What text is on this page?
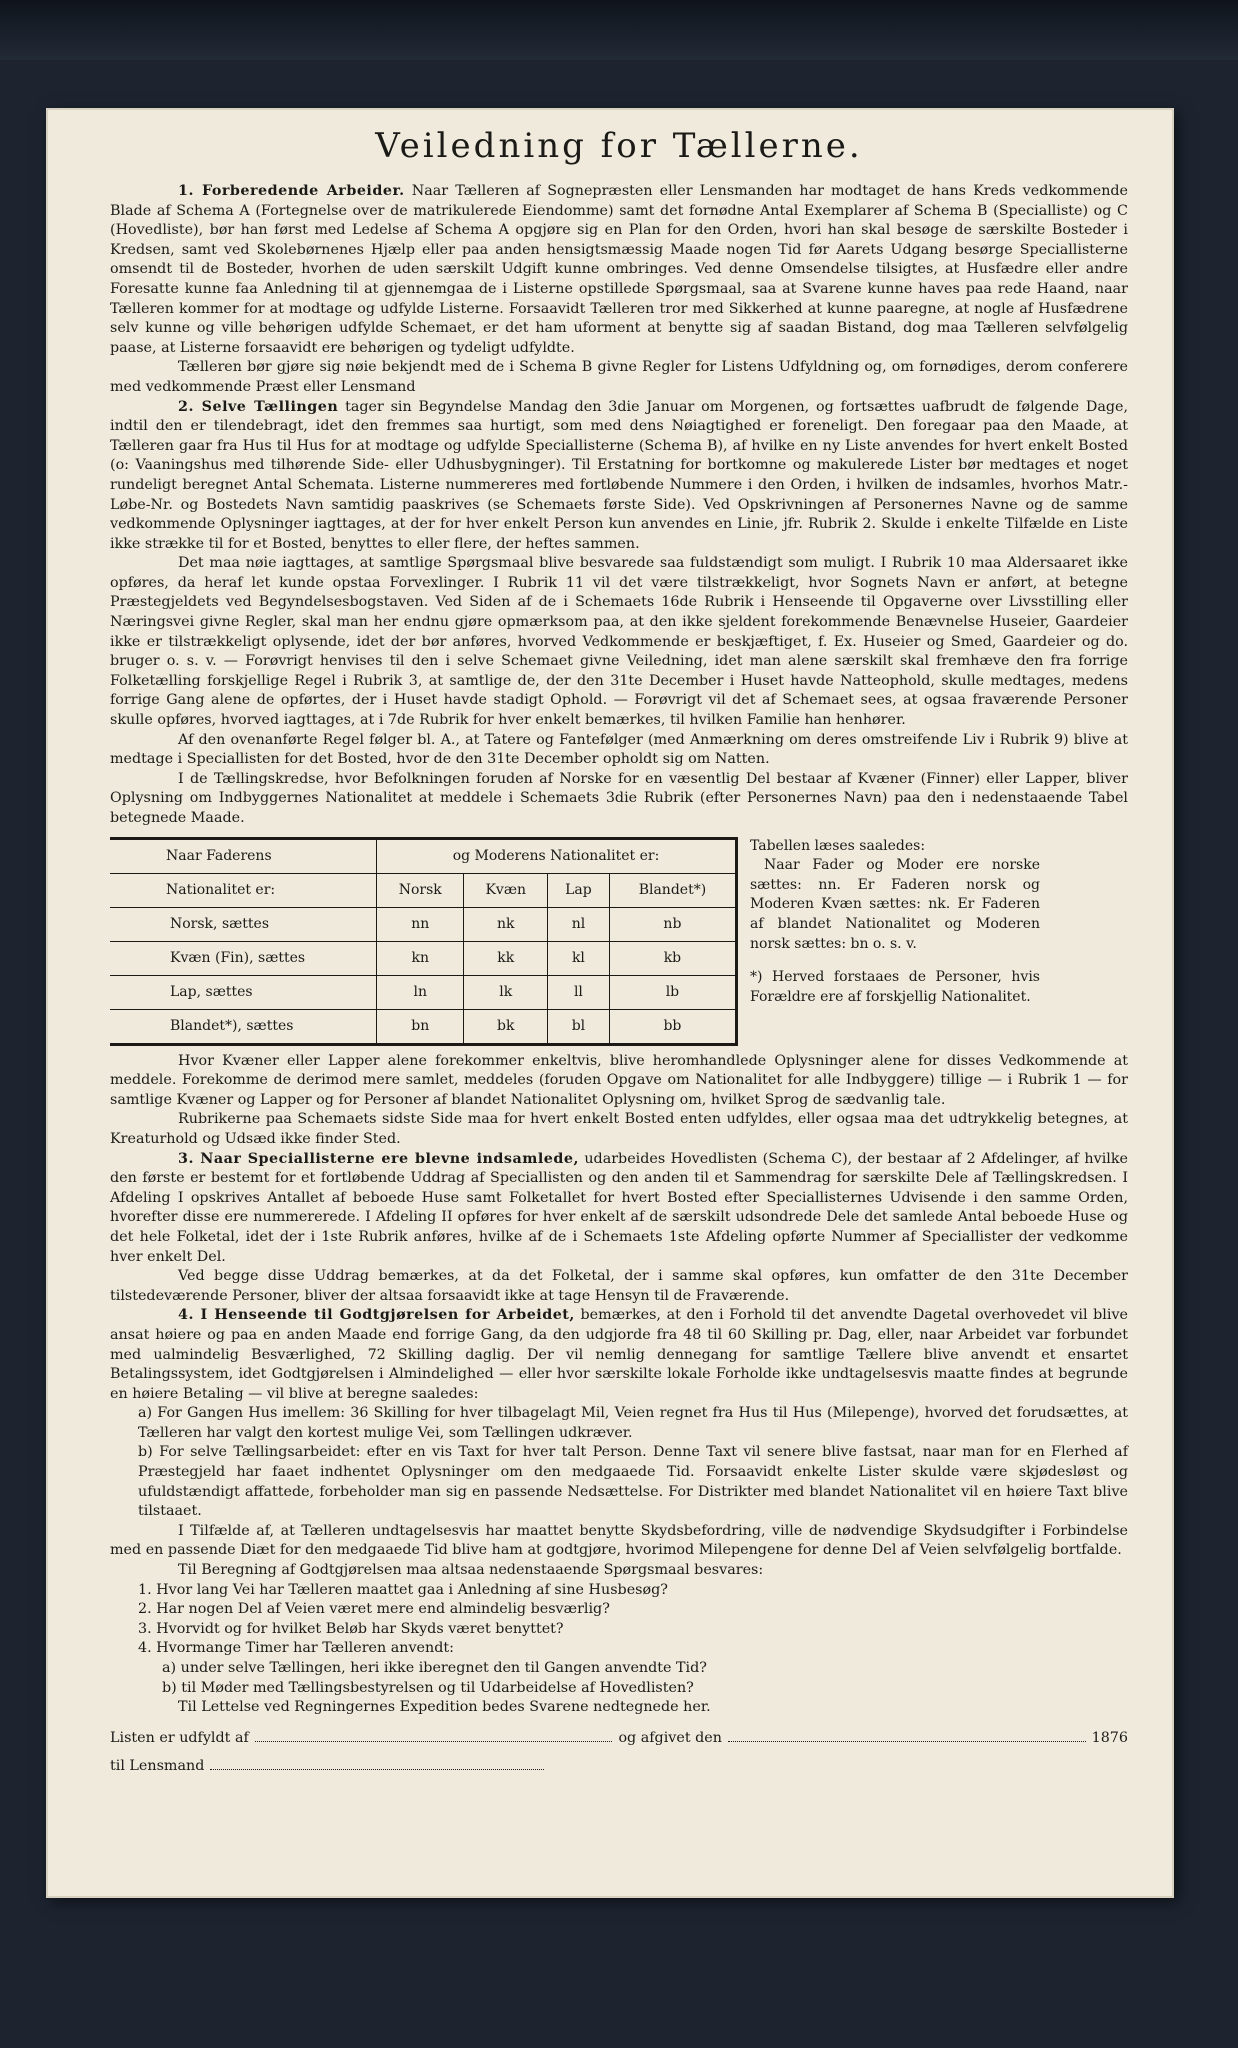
Veiledning for Tællerne.

1. Forberedende Arbeider. Naar Tælleren af Sognepræsten eller Lensmanden har modtaget de hans Kreds vedkommende Blade af Schema A (Fortegnelse over de matrikulerede Eiendomme) samt det fornødne Antal Exemplarer af Schema B (Specialliste) og C (Hovedliste), bør han først med Ledelse af Schema A opgjøre sig en Plan for den Orden, hvori han skal besøge de særskilte Bosteder i Kredsen, samt ved Skolebørnenes Hjælp eller paa anden hensigtsmæssig Maade nogen Tid før Aarets Udgang besørge Speciallisterne omsendt til de Bosteder, hvorhen de uden særskilt Udgift kunne ombringes. Ved denne Omsendelse tilsigtes, at Husfædre eller andre Foresatte kunne faa Anledning til at gjennemgaa de i Listerne opstillede Spørgsmaal, saa at Svarene kunne haves paa rede Haand, naar Tælleren kommer for at modtage og udfylde Listerne. Forsaavidt Tælleren tror med Sikkerhed at kunne paaregne, at nogle af Husfædrene selv kunne og ville behørigen udfylde Schemaet, er det ham uforment at benytte sig af saadan Bistand, dog maa Tælleren selvfølgelig paase, at Listerne forsaavidt ere behørigen og tydeligt udfyldte.

Tælleren bør gjøre sig nøie bekjendt med de i Schema B givne Regler for Listens Udfyldning og, om fornødiges, derom conferere med vedkommende Præst eller Lensmand

2. Selve Tællingen tager sin Begyndelse Mandag den 3die Januar om Morgenen, og fortsættes uafbrudt de følgende Dage, indtil den er tilendebragt, idet den fremmes saa hurtigt, som med dens Nøiagtighed er foreneligt. Den foregaar paa den Maade, at Tælleren gaar fra Hus til Hus for at modtage og udfylde Speciallisterne (Schema B), af hvilke en ny Liste anvendes for hvert enkelt Bosted (o: Vaaningshus med tilhørende Side- eller Udhusbygninger). Til Erstatning for bortkomne og makulerede Lister bør medtages et noget rundeligt beregnet Antal Schemata. Listerne nummereres med fortløbende Nummere i den Orden, i hvilken de indsamles, hvorhos Matr.-Løbe-Nr. og Bostedets Navn samtidig paaskrives (se Schemaets første Side). Ved Opskrivningen af Personernes Navne og de samme vedkommende Oplysninger iagttages, at der for hver enkelt Person kun anvendes en Linie, jfr. Rubrik 2. Skulde i enkelte Tilfælde en Liste ikke strække til for et Bosted, benyttes to eller flere, der heftes sammen.

Det maa nøie iagttages, at samtlige Spørgsmaal blive besvarede saa fuldstændigt som muligt. I Rubrik 10 maa Aldersaaret ikke opføres, da heraf let kunde opstaa Forvexlinger. I Rubrik 11 vil det være tilstrækkeligt, hvor Sognets Navn er anført, at betegne Præstegjeldets ved Begyndelsesbogstaven. Ved Siden af de i Schemaets 16de Rubrik i Henseende til Opgaverne over Livsstilling eller Næringsvei givne Regler, skal man her endnu gjøre opmærksom paa, at den ikke sjeldent forekommende Benævnelse Huseier, Gaardeier ikke er tilstrækkeligt oplysende, idet der bør anføres, hvorved Vedkommende er beskjæftiget, f. Ex. Huseier og Smed, Gaardeier og do. bruger o. s. v. — Forøvrigt henvises til den i selve Schemaet givne Veiledning, idet man alene særskilt skal fremhæve den fra forrige Folketælling forskjellige Regel i Rubrik 3, at samtlige de, der den 31te December i Huset havde Natteophold, skulle medtages, medens forrige Gang alene de opførtes, der i Huset havde stadigt Ophold. — Forøvrigt vil det af Schemaet sees, at ogsaa fraværende Personer skulle opføres, hvorved iagttages, at i 7de Rubrik for hver enkelt bemærkes, til hvilken Familie han henhører.

Af den ovenanførte Regel følger bl. A., at Tatere og Fantefølger (med Anmærkning om deres omstreifende Liv i Rubrik 9) blive at medtage i Speciallisten for det Bosted, hvor de den 31te December opholdt sig om Natten.

I de Tællingskredse, hvor Befolkningen foruden af Norske for en væsentlig Del bestaar af Kvæner (Finner) eller Lapper, bliver Oplysning om Indbyggernes Nationalitet at meddele i Schemaets 3die Rubrik (efter Personernes Navn) paa den i nedenstaaende Tabel betegnede Maade.

Naar Faderens	og Moderens Nationalitet er:			
Nationalitet er:	Norsk	Kvæn	Lap	Blandet*)
Norsk, sættes	nn	nk	nl	nb
Kvæn (Fin), sættes	kn	kk	kl	kb
Lap, sættes	ln	lk	ll	lb
Blandet*), sættes	bn	bk	bl	bb

Tabellen læses saaledes:

Naar Fader og Moder ere norske sættes: nn. Er Faderen norsk og Moderen Kvæn sættes: nk. Er Faderen af blandet Nationalitet og Moderen norsk sættes: bn o. s. v.

*) Herved forstaaes de Personer, hvis Forældre ere af forskjellig Nationalitet.

Hvor Kvæner eller Lapper alene forekommer enkeltvis, blive heromhandlede Oplysninger alene for disses Vedkommende at meddele. Forekomme de derimod mere samlet, meddeles (foruden Opgave om Nationalitet for alle Indbyggere) tillige — i Rubrik 1 — for samtlige Kvæner og Lapper og for Personer af blandet Nationalitet Oplysning om, hvilket Sprog de sædvanlig tale.

Rubrikerne paa Schemaets sidste Side maa for hvert enkelt Bosted enten udfyldes, eller ogsaa maa det udtrykkelig betegnes, at Kreaturhold og Udsæd ikke finder Sted.

3. Naar Speciallisterne ere blevne indsamlede, udarbeides Hovedlisten (Schema C), der bestaar af 2 Afdelinger, af hvilke den første er bestemt for et fortløbende Uddrag af Speciallisten og den anden til et Sammendrag for særskilte Dele af Tællingskredsen. I Afdeling I opskrives Antallet af beboede Huse samt Folketallet for hvert Bosted efter Speciallisternes Udvisende i den samme Orden, hvorefter disse ere nummererede. I Afdeling II opføres for hver enkelt af de særskilt udsondrede Dele det samlede Antal beboede Huse og det hele Folketal, idet der i 1ste Rubrik anføres, hvilke af de i Schemaets 1ste Afdeling opførte Nummer af Speciallister der vedkomme hver enkelt Del.

Ved begge disse Uddrag bemærkes, at da det Folketal, der i samme skal opføres, kun omfatter de den 31te December tilstedeværende Personer, bliver der altsaa forsaavidt ikke at tage Hensyn til de Fraværende.

4. I Henseende til Godtgjørelsen for Arbeidet, bemærkes, at den i Forhold til det anvendte Dagetal overhovedet vil blive ansat høiere og paa en anden Maade end forrige Gang, da den udgjorde fra 48 til 60 Skilling pr. Dag, eller, naar Arbeidet var forbundet med ualmindelig Besværlighed, 72 Skilling daglig. Der vil nemlig dennegang for samtlige Tællere blive anvendt et ensartet Betalingssystem, idet Godtgjørelsen i Almindelighed — eller hvor særskilte lokale Forholde ikke undtagelsesvis maatte findes at begrunde en høiere Betaling — vil blive at beregne saaledes:

a) For Gangen Hus imellem: 36 Skilling for hver tilbagelagt Mil, Veien regnet fra Hus til Hus (Milepenge), hvorved det forudsættes, at Tælleren har valgt den kortest mulige Vei, som Tællingen udkræver.

b) For selve Tællingsarbeidet: efter en vis Taxt for hver talt Person. Denne Taxt vil senere blive fastsat, naar man for en Flerhed af Præstegjeld har faaet indhentet Oplysninger om den medgaaede Tid. Forsaavidt enkelte Lister skulde være skjødesløst og ufuldstændigt affattede, forbeholder man sig en passende Nedsættelse. For Distrikter med blandet Nationalitet vil en høiere Taxt blive tilstaaet.

I Tilfælde af, at Tælleren undtagelsesvis har maattet benytte Skydsbefordring, ville de nødvendige Skydsudgifter i Forbindelse med en passende Diæt for den medgaaede Tid blive ham at godtgjøre, hvorimod Milepengene for denne Del af Veien selvfølgelig bortfalde.

Til Beregning af Godtgjørelsen maa altsaa nedenstaaende Spørgsmaal besvares:

1. Hvor lang Vei har Tælleren maattet gaa i Anledning af sine Husbesøg?

2. Har nogen Del af Veien været mere end almindelig besværlig?

3. Hvorvidt og for hvilket Beløb har Skyds været benyttet?

4. Hvormange Timer har Tælleren anvendt:

a) under selve Tællingen, heri ikke iberegnet den til Gangen anvendte Tid?

b) til Møder med Tællingsbestyrelsen og til Udarbeidelse af Hovedlisten?

Til Lettelse ved Regningernes Expedition bedes Svarene nedtegnede her.

Listen er udfyldt af	og afgivet den	1876
til Lensmand
